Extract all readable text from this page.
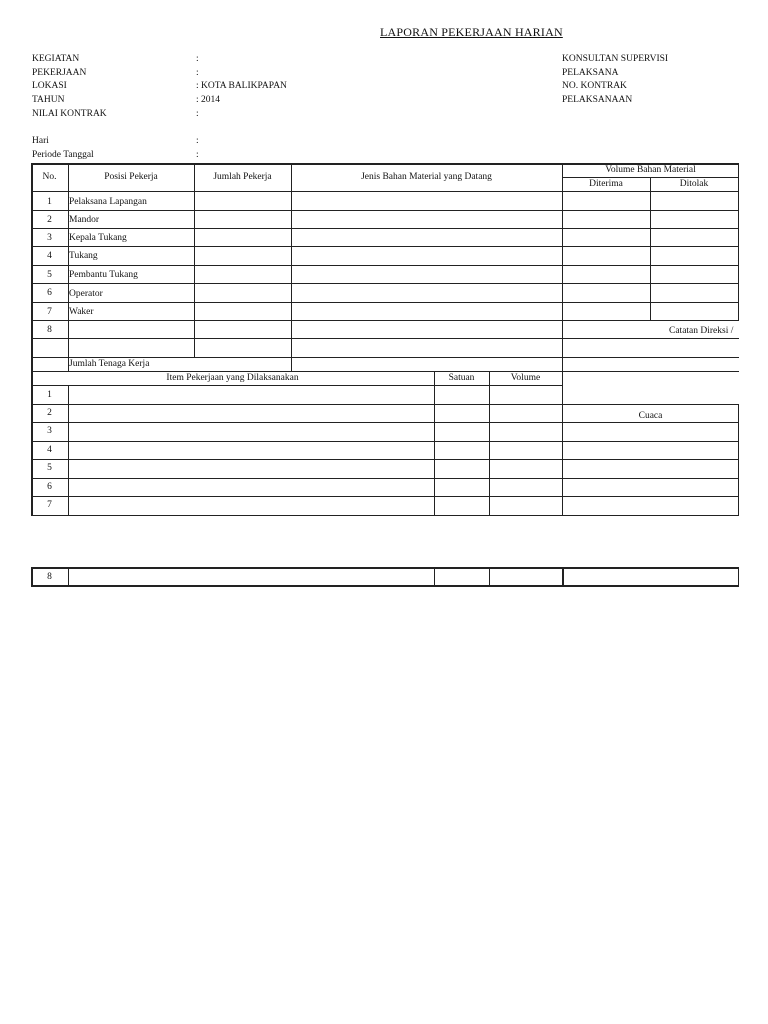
LAPORAN PEKERJAAN HARIAN
KEGIATAN	:
PEKERJAAN	:
LOKASI	: KOTA BALIKPAPAN
TAHUN	: 2014
NILAI KONTRAK	:
KONSULTAN SUPERVISI
PELAKSANA
NO. KONTRAK
PELAKSANAAN
Hari	:
Periode Tanggal	:
No.	Posisi Pekerja	Jumlah Pekerja	Jenis Bahan Material yang Datang
Volume Bahan Material
Diterima	Ditolak
1	Pelaksana Lapangan
2	Mandor
3	Kepala Tukang
4	Tukang
5	Pembantu Tukang
6	Operator
7	Waker
8
Jumlah Tenaga Kerja
Catatan Direksi /
Cuaca
Item Pekerjaan yang Dilaksanakan	Satuan	Volume
1
2
3
4
5
6
7
8
